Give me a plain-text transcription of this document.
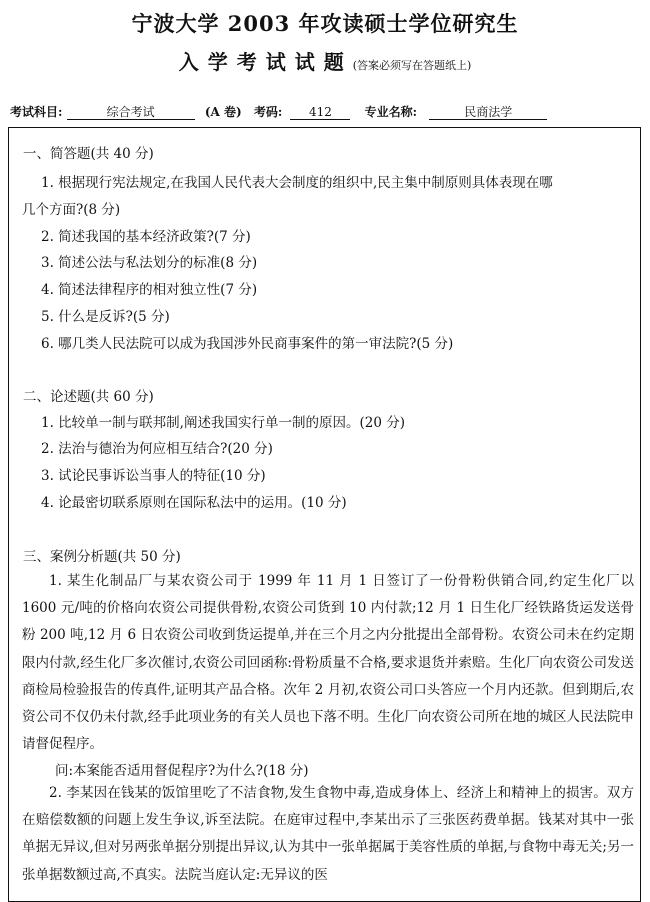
宁波大学 2003 年攻读硕士学位研究生
入学考试试题(答案必须写在答题纸上)
考试科目:	综合考试	(A 卷) 考码: 412	专业名称:	民商法学
一、简答题(共 40 分)
1. 根据现行宪法规定,在我国人民代表大会制度的组织中,民主集中制原则具体表现在哪
几个方面?(8 分)
2. 简述我国的基本经济政策?(7 分)
3. 简述公法与私法划分的标准(8 分)
4. 简述法律程序的相对独立性(7 分)
5. 什么是反诉?(5 分)
6. 哪几类人民法院可以成为我国涉外民商事案件的第一审法院?(5 分)
二、论述题(共 60 分)
1. 比较单一制与联邦制,阐述我国实行单一制的原因。(20 分)
2. 法治与德治为何应相互结合?(20 分)
3. 试论民事诉讼当事人的特征(10 分)
4. 论最密切联系原则在国际私法中的运用。(10 分)
三、案例分析题(共 50 分)
1. 某生化制品厂与某农资公司于 1999 年 11 月 1 日签订了一份骨粉供销合同,约定生化厂以 1600 元/吨的价格向农资公司提供骨粉,农资公司货到 10 内付款;12 月 1 日生化厂经铁路货运发送骨粉 200 吨,12 月 6 日农资公司收到货运提单,并在三个月之内分批提出全部骨粉。农资公司未在约定期限内付款,经生化厂多次催讨,农资公司回函称:骨粉质量不合格,要求退货并索赔。生化厂向农资公司发送商检局检验报告的传真件,证明其产品合格。次年 2 月初,农资公司口头答应一个月内还款。但到期后,农资公司不仅仍未付款,经手此项业务的有关人员也下落不明。生化厂向农资公司所在地的城区人民法院申请督促程序。
问:本案能否适用督促程序?为什么?(18 分)
2. 李某因在钱某的饭馆里吃了不洁食物,发生食物中毒,造成身体上、经济上和精神上的损害。双方在赔偿数额的问题上发生争议,诉至法院。在庭审过程中,李某出示了三张医药费单据。钱某对其中一张单据无异议,但对另两张单据分别提出异议,认为其中一张单据属于美容性质的单据,与食物中毒无关;另一张单据数额过高,不真实。法院当庭认定:无异议的医
